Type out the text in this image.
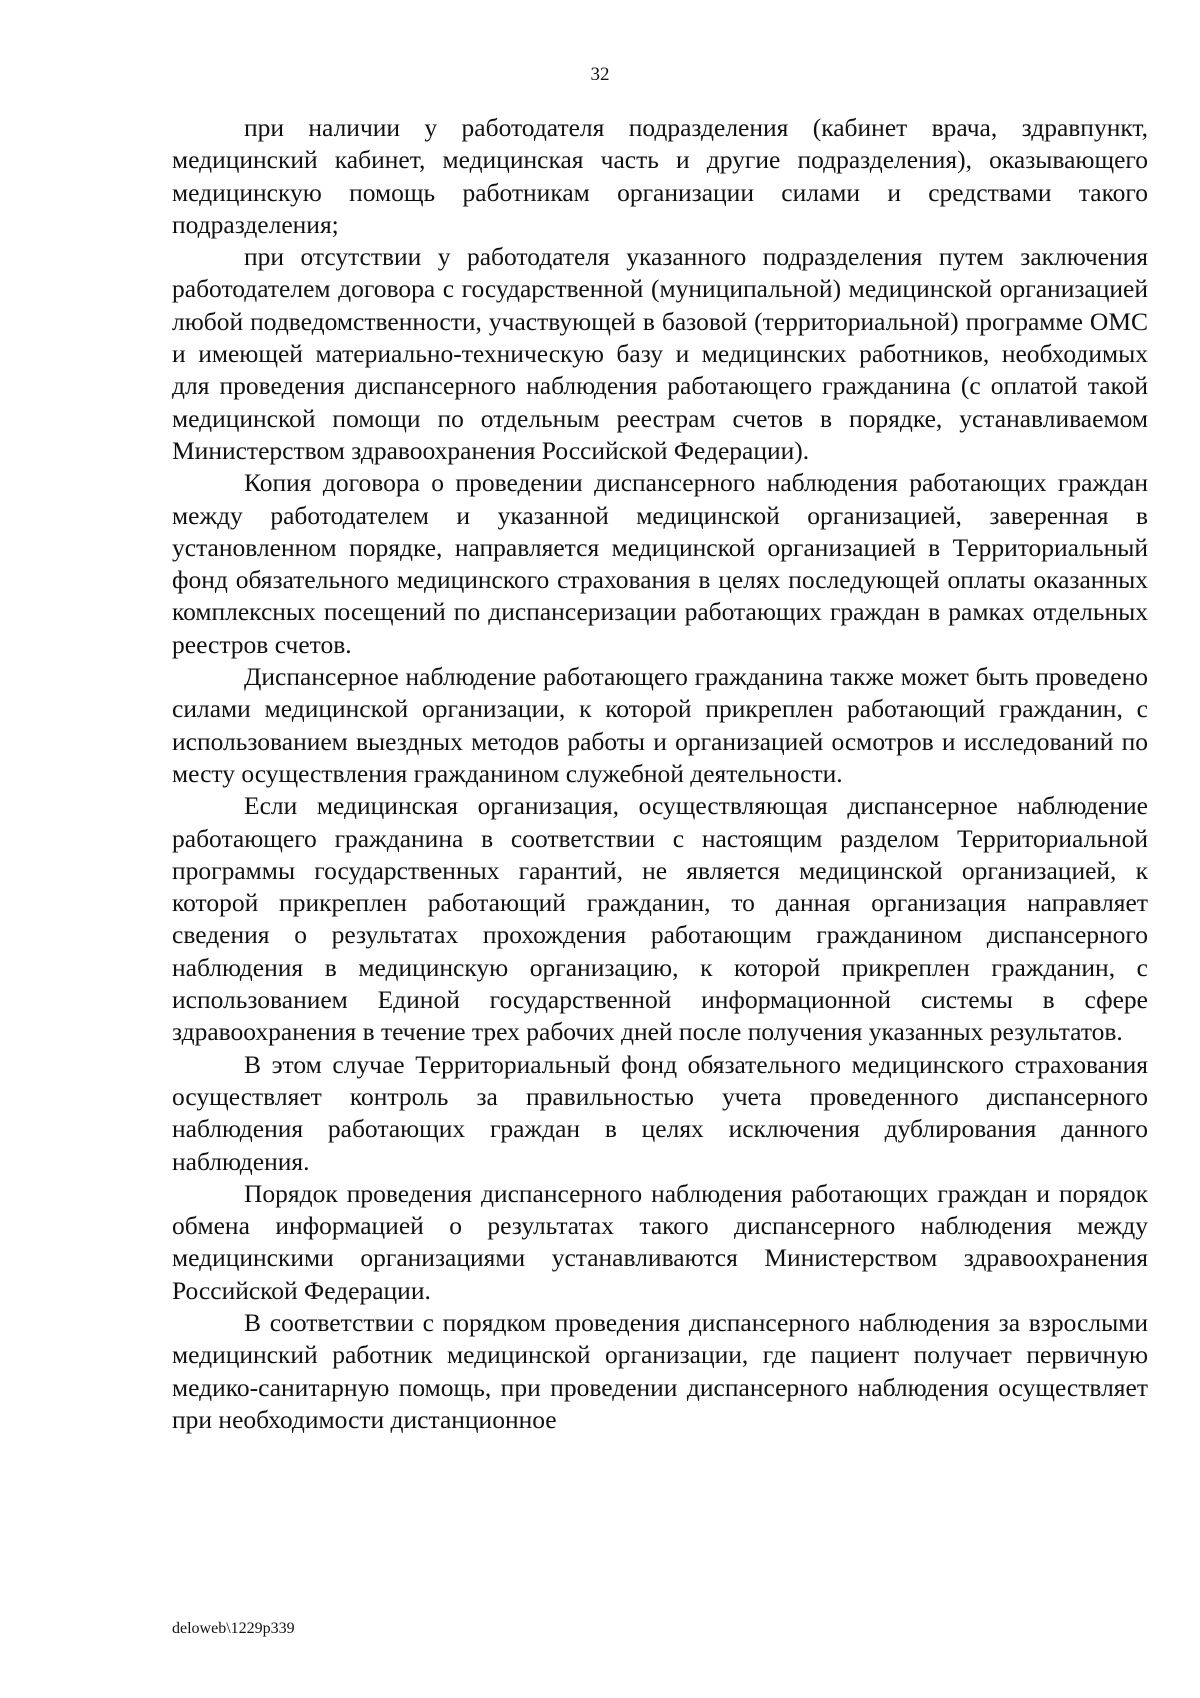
32

при наличии у работодателя подразделения (кабинет врача, здравпункт, медицинский кабинет, медицинская часть и другие подразделения), оказывающего медицинскую помощь работникам организации силами и средствами такого подразделения;

при отсутствии у работодателя указанного подразделения путем заключения работодателем договора с государственной (муниципальной) медицинской организацией любой подведомственности, участвующей в базовой (территориальной) программе ОМС и имеющей материально-техническую базу и медицинских работников, необходимых для проведения диспансерного наблюдения работающего гражданина (с оплатой такой медицинской помощи по отдельным реестрам счетов в порядке, устанавливаемом Министерством здравоохранения Российской Федерации).

Копия договора о проведении диспансерного наблюдения работающих граждан между работодателем и указанной медицинской организацией, заверенная в установленном порядке, направляется медицинской организацией в Территориальный фонд обязательного медицинского страхования в целях последующей оплаты оказанных комплексных посещений по диспансеризации работающих граждан в рамках отдельных реестров счетов.

Диспансерное наблюдение работающего гражданина также может быть проведено силами медицинской организации, к которой прикреплен работающий гражданин, с использованием выездных методов работы и организацией осмотров и исследований по месту осуществления гражданином служебной деятельности.

Если медицинская организация, осуществляющая диспансерное наблюдение работающего гражданина в соответствии с настоящим разделом Территориальной программы государственных гарантий, не является медицинской организацией, к которой прикреплен работающий гражданин, то данная организация направляет сведения о результатах прохождения работающим гражданином диспансерного наблюдения в медицинскую организацию, к которой прикреплен гражданин, с использованием Единой государственной информационной системы в сфере здравоохранения в течение трех рабочих дней после получения указанных результатов.

В этом случае Территориальный фонд обязательного медицинского страхования осуществляет контроль за правильностью учета проведенного диспансерного наблюдения работающих граждан в целях исключения дублирования данного наблюдения.

Порядок проведения диспансерного наблюдения работающих граждан и порядок обмена информацией о результатах такого диспансерного наблюдения между медицинскими организациями устанавливаются Министерством здравоохранения Российской Федерации.

В соответствии с порядком проведения диспансерного наблюдения за взрослыми медицинский работник медицинской организации, где пациент получает первичную медико-санитарную помощь, при проведении диспансерного наблюдения осуществляет при необходимости дистанционное

deloweb\1229p339
